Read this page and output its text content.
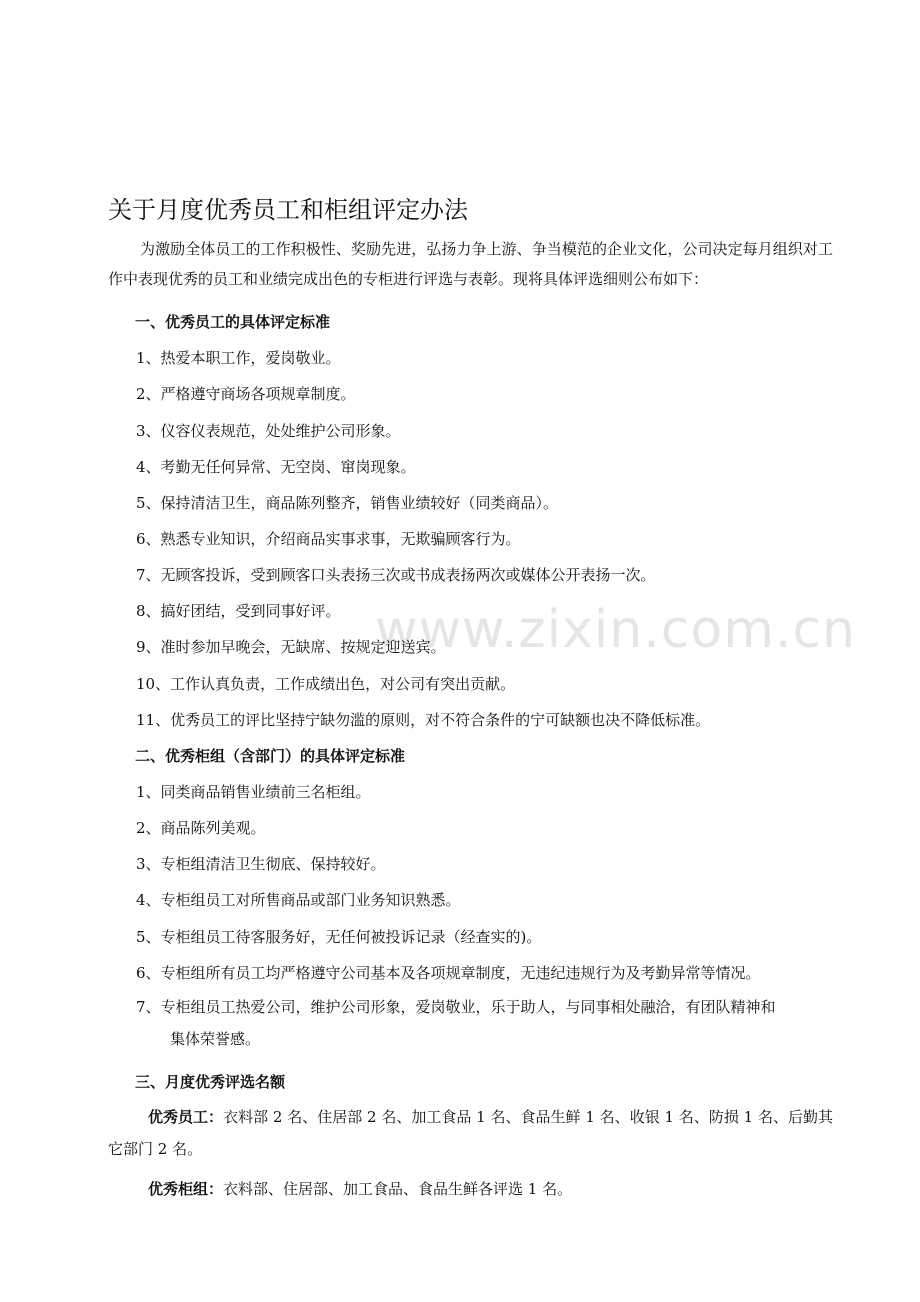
www.zixin.com.cn
关于月度优秀员工和柜组评定办法

为激励全体员工的工作积极性、奖励先进，弘扬力争上游、争当模范的企业文化，公司决定每月组织对工作中表现优秀的员工和业绩完成出色的专柜进行评选与表彰。现将具体评选细则公布如下：

一、优秀员工的具体评定标准

1、热爱本职工作，爱岗敬业。

2、严格遵守商场各项规章制度。

3、仪容仪表规范，处处维护公司形象。

4、考勤无任何异常、无空岗、窜岗现象。

5、保持清洁卫生，商品陈列整齐，销售业绩较好（同类商品）。

6、熟悉专业知识，介绍商品实事求事，无欺骗顾客行为。

7、无顾客投诉，受到顾客口头表扬三次或书成表扬两次或媒体公开表扬一次。

8、搞好团结，受到同事好评。

9、准时参加早晚会，无缺席、按规定迎送宾。

10、工作认真负责，工作成绩出色，对公司有突出贡献。

11、优秀员工的评比坚持宁缺勿滥的原则，对不符合条件的宁可缺额也决不降低标准。

二、优秀柜组（含部门）的具体评定标准

1、同类商品销售业绩前三名柜组。

2、商品陈列美观。

3、专柜组清洁卫生彻底、保持较好。

4、专柜组员工对所售商品或部门业务知识熟悉。

5、专柜组员工待客服务好，无任何被投诉记录（经查实的)。

6、专柜组所有员工均严格遵守公司基本及各项规章制度，无违纪违规行为及考勤异常等情况。

7、专柜组员工热爱公司，维护公司形象，爱岗敬业，乐于助人，与同事相处融洽，有团队精神和
集体荣誉感。
三、月度优秀评选名额

优秀员工：衣料部 2 名、住居部 2 名、加工食品 1 名、食品生鲜 1 名、收银 1 名、防损 1 名、后勤其它部门 2 名。

优秀柜组：衣料部、住居部、加工食品、食品生鲜各评选 1 名。
